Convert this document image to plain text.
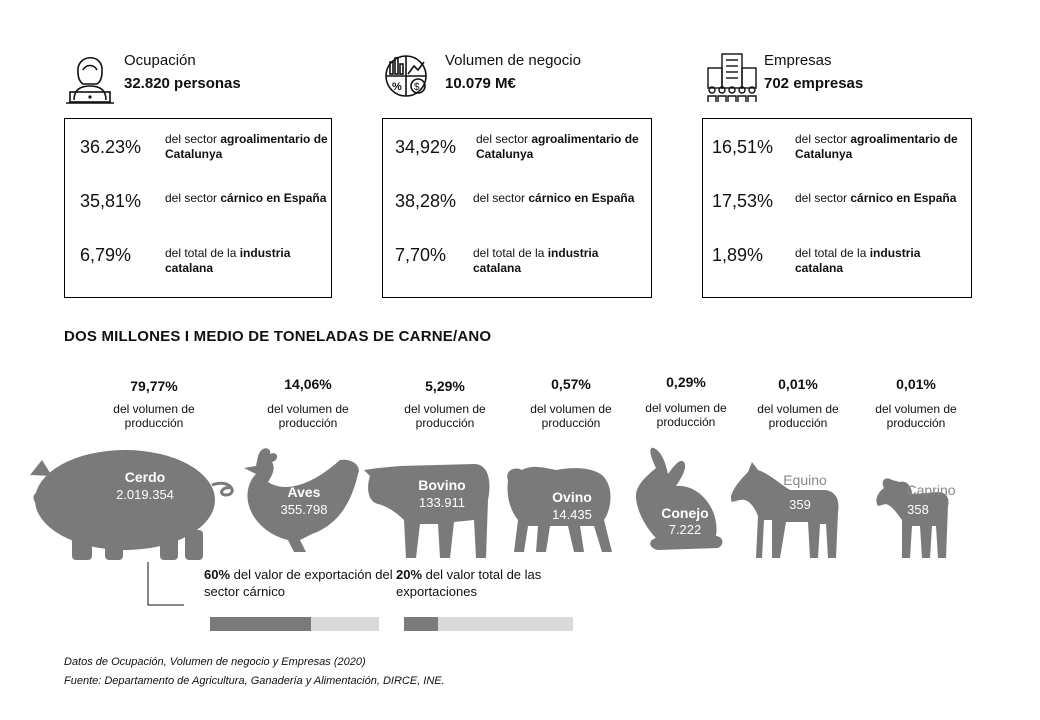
% $
Ocupación
32.820 personas
Volumen de negocio
10.079 M€
Empresas
702 empresas
36.23% del sector agroalimentario de Catalunya
35,81% del sector cárnico en España
6,79%	del total de la industria catalana
34,92% del sector agroalimentario de Catalunya
38,28% del sector cárnico en España
7,70% del total de la industria catalana
16,51% del sector agroalimentario de Catalunya
17,53% del sector cárnico en España
1,89%	del total de la industria catalana
DOS MILLONES I MEDIO DE TONELADAS DE CARNE/ANO
79,77%
del volumen de producción
14,06%
del volumen de producción
5,29%
del volumen de producción
0,57%
del volumen de producción
0,29%
del volumen de producción
0,01%
del volumen de producción
0,01%
del volumen de producción
Cerdo
2.019.354	Aves
355.798
Bovino
133.911	Ovino
14.435	Conejo
7.222
Equino
359
Caprino
358
60% del valor de exportación del sector cárnico
20% del valor total de las exportaciones
Datos de Ocupación, Volumen de negocio y Empresas (2020)
Fuente: Departamento de Agricultura, Ganadería y Alimentación, DIRCE, INE.
